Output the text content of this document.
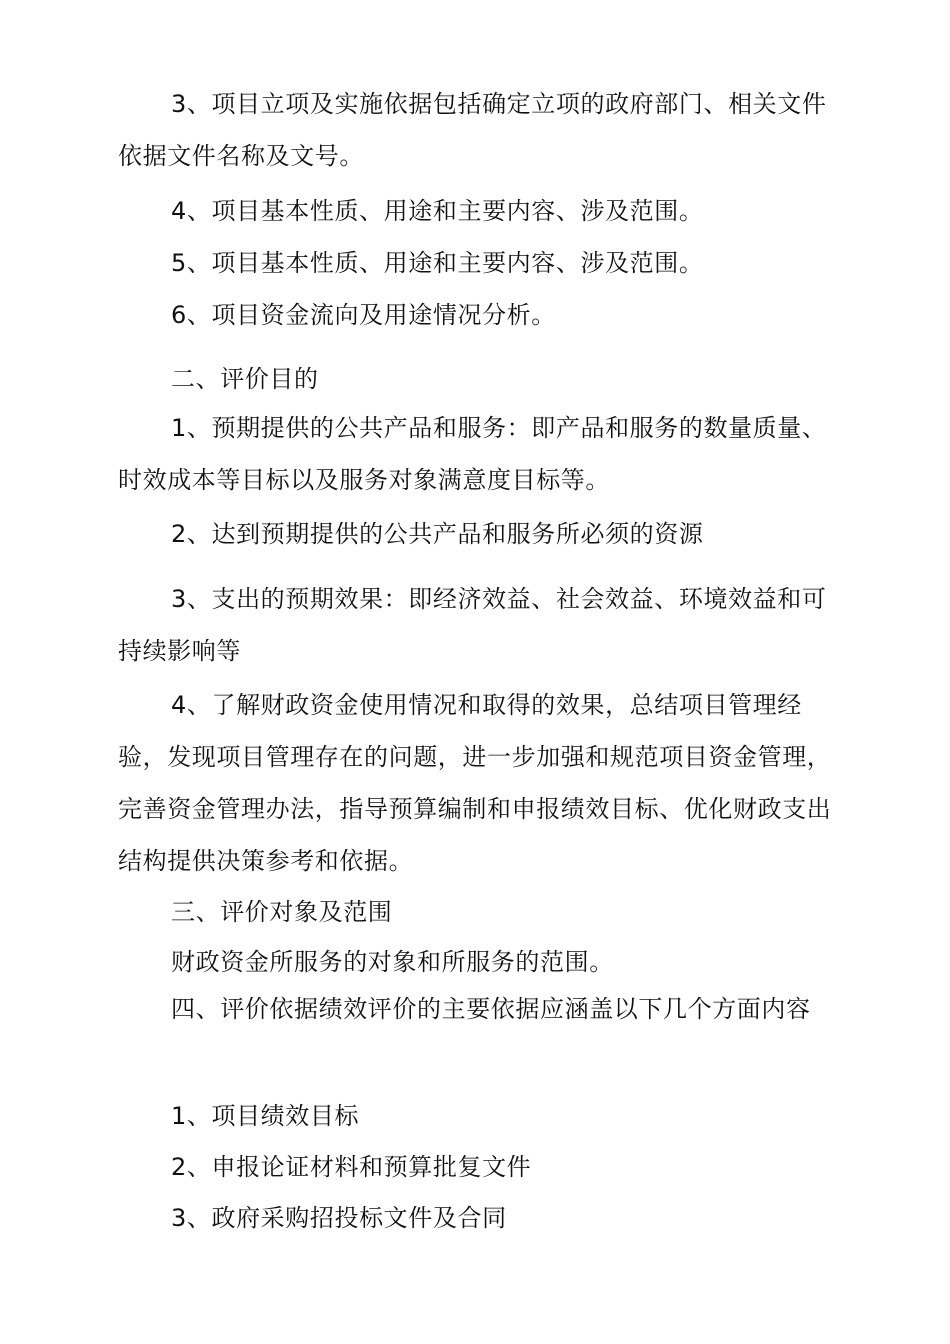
3、项目立项及实施依据包括确定立项的政府部门、相关文件依据文件名称及文号。

4、项目基本性质、用途和主要内容、涉及范围。

5、项目基本性质、用途和主要内容、涉及范围。

6、项目资金流向及用途情况分析。

二、评价目的

1、预期提供的公共产品和服务：即产品和服务的数量质量、时效成本等目标以及服务对象满意度目标等。

2、达到预期提供的公共产品和服务所必须的资源

3、支出的预期效果：即经济效益、社会效益、环境效益和可持续影响等

4、了解财政资金使用情况和取得的效果，总结项目管理经验，发现项目管理存在的问题，进一步加强和规范项目资金管理，完善资金管理办法，指导预算编制和申报绩效目标、优化财政支出结构提供决策参考和依据。

三、评价对象及范围

财政资金所服务的对象和所服务的范围。

四、评价依据绩效评价的主要依据应涵盖以下几个方面内容

1、项目绩效目标

2、申报论证材料和预算批复文件

3、政府采购招投标文件及合同
